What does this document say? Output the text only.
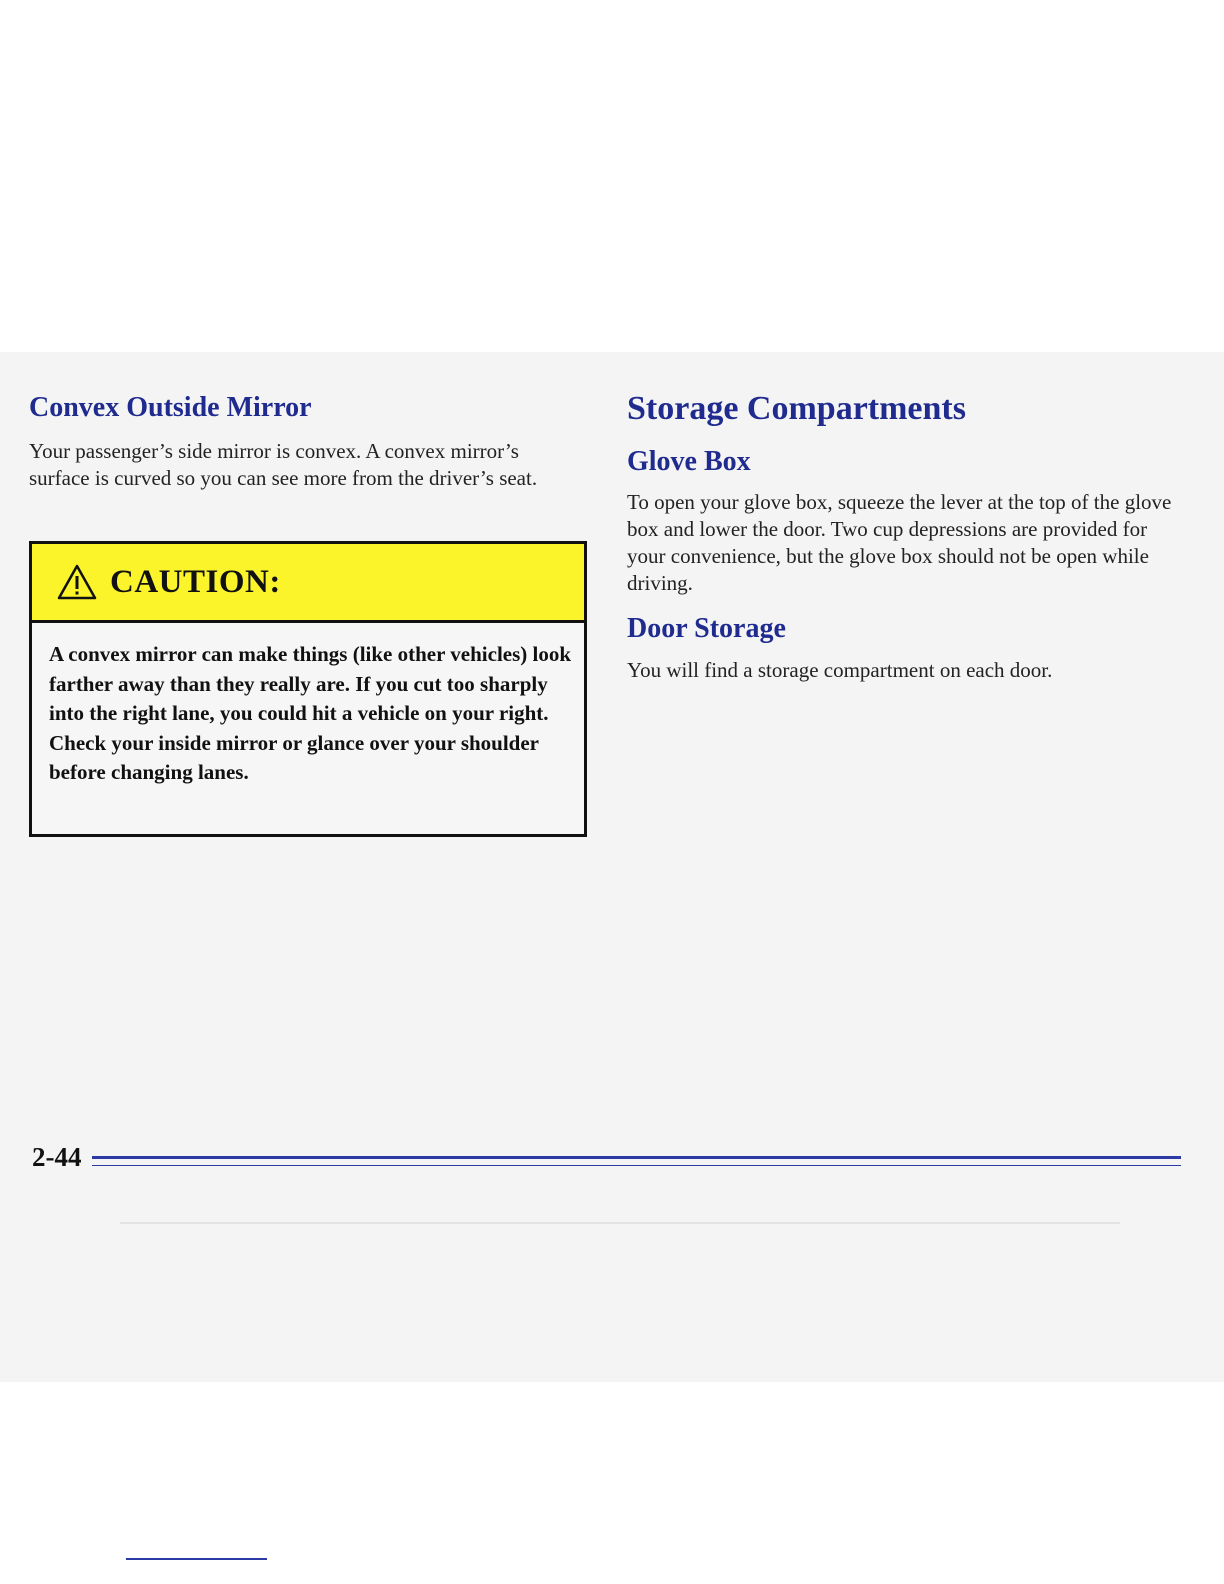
Convex Outside Mirror

Your passenger’s side mirror is convex. A convex mirror’s surface is curved so you can see more from the driver’s seat.

CAUTION:

A convex mirror can make things (like other vehicles) look farther away than they really are. If you cut too sharply into the right lane, you could hit a vehicle on your right. Check your inside mirror or glance over your shoulder before changing lanes.

Storage Compartments
Glove Box

To open your glove box, squeeze the lever at the top of the glove box and lower the door. Two cup depressions are provided for your convenience, but the glove box should not be open while driving.

Door Storage

You will find a storage compartment on each door.

2-44
